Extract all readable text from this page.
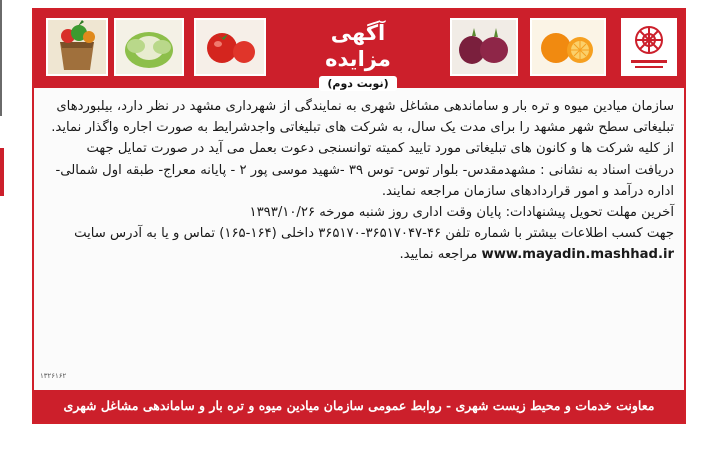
آگهی مزایده
(نوبت دوم)

سازمان میادین میوه و تره بار و ساماندهی مشاغل شهری به نمایندگی از شهرداری مشهد در نظر دارد، بیلبوردهای تبلیغاتی سطح شهر مشهد را برای مدت یک سال، به شرکت های تبلیغاتی واجدشرایط به صورت اجاره واگذار نماید.

از کلیه شرکت ها و کانون های تبلیغاتی مورد تایید کمیته توانسنجی دعوت بعمل می آید در صورت تمایل جهت دریافت اسناد به نشانی : مشهدمقدس- بلوار توس- توس ۳۹ -شهید موسی پور ۲ - پایانه معراج- طبقه اول شمالی- اداره درآمد و امور قراردادهای سازمان مراجعه نمایند.

آخرین مهلت تحویل پیشنهادات: پایان وقت اداری روز شنبه مورخه ۱۳۹۳/۱۰/۲۶

جهت کسب اطلاعات بیشتر با شماره تلفن ۴۶-۳۶۵۱۷۰۴۷-۳۶۵۱۷۰ داخلی (۱۶۴-۱۶۵) تماس و یا به آدرس سایت www.mayadin.mashhad.ir مراجعه نمایید.

۱۳۲۶۱۶۲
معاونت خدمات و محیط زیست شهری - روابط عمومی سازمان میادین میوه و تره بار و ساماندهی مشاغل شهری
